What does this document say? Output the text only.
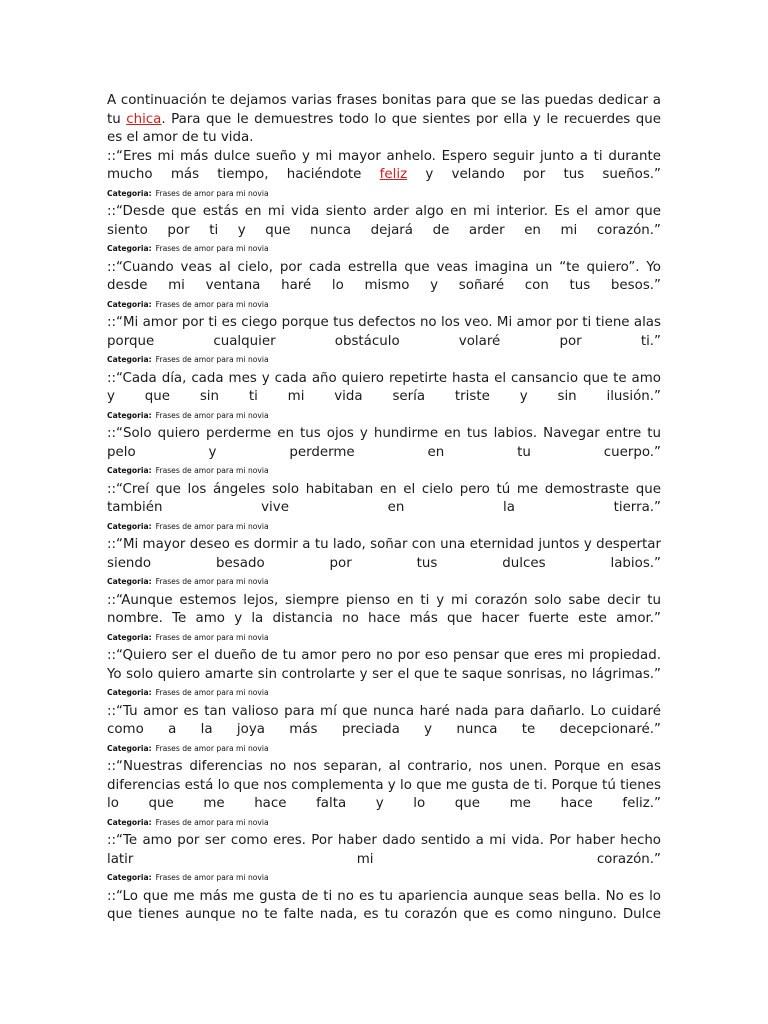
A continuación te dejamos varias frases bonitas para que se las puedas dedicar a tu chica. Para que le demuestres todo lo que sientes por ella y le recuerdes que es el amor de tu vida.

::“Eres mi más dulce sueño y mi mayor anhelo. Espero seguir junto a ti durante mucho más tiempo, haciéndote feliz y velando por tus sueños.”

Categoria: Frases de amor para mi novia

::“Desde que estás en mi vida siento arder algo en mi interior. Es el amor que siento por ti y que nunca dejará de arder en mi corazón.”

Categoria: Frases de amor para mi novia

::“Cuando veas al cielo, por cada estrella que veas imagina un “te quiero”. Yo desde mi ventana haré lo mismo y soñaré con tus besos.”

Categoria: Frases de amor para mi novia

::“Mi amor por ti es ciego porque tus defectos no los veo. Mi amor por ti tiene alas porque cualquier obstáculo volaré por ti.”

Categoria: Frases de amor para mi novia

::“Cada día, cada mes y cada año quiero repetirte hasta el cansancio que te amo y que sin ti mi vida sería triste y sin ilusión.”

Categoria: Frases de amor para mi novia

::“Solo quiero perderme en tus ojos y hundirme en tus labios. Navegar entre tu pelo y perderme en tu cuerpo.”

Categoria: Frases de amor para mi novia

::“Creí que los ángeles solo habitaban en el cielo pero tú me demostraste que también vive en la tierra.”

Categoria: Frases de amor para mi novia

::“Mi mayor deseo es dormir a tu lado, soñar con una eternidad juntos y despertar siendo besado por tus dulces labios.”

Categoria: Frases de amor para mi novia

::“Aunque estemos lejos, siempre pienso en ti y mi corazón solo sabe decir tu nombre. Te amo y la distancia no hace más que hacer fuerte este amor.”

Categoria: Frases de amor para mi novia

::“Quiero ser el dueño de tu amor pero no por eso pensar que eres mi propiedad. Yo solo quiero amarte sin controlarte y ser el que te saque sonrisas, no lágrimas.”

Categoria: Frases de amor para mi novia

::“Tu amor es tan valioso para mí que nunca haré nada para dañarlo. Lo cuidaré como a la joya más preciada y nunca te decepcionaré.”

Categoria: Frases de amor para mi novia

::“Nuestras diferencias no nos separan, al contrario, nos unen. Porque en esas diferencias está lo que nos complementa y lo que me gusta de ti. Porque tú tienes lo que me hace falta y lo que me hace feliz.”

Categoria: Frases de amor para mi novia

::“Te amo por ser como eres. Por haber dado sentido a mi vida. Por haber hecho latir mi corazón.”

Categoria: Frases de amor para mi novia

::“Lo que me más me gusta de ti no es tu apariencia aunque seas bella. No es lo que tienes aunque no te falte nada, es tu corazón que es como ninguno. Dulce
